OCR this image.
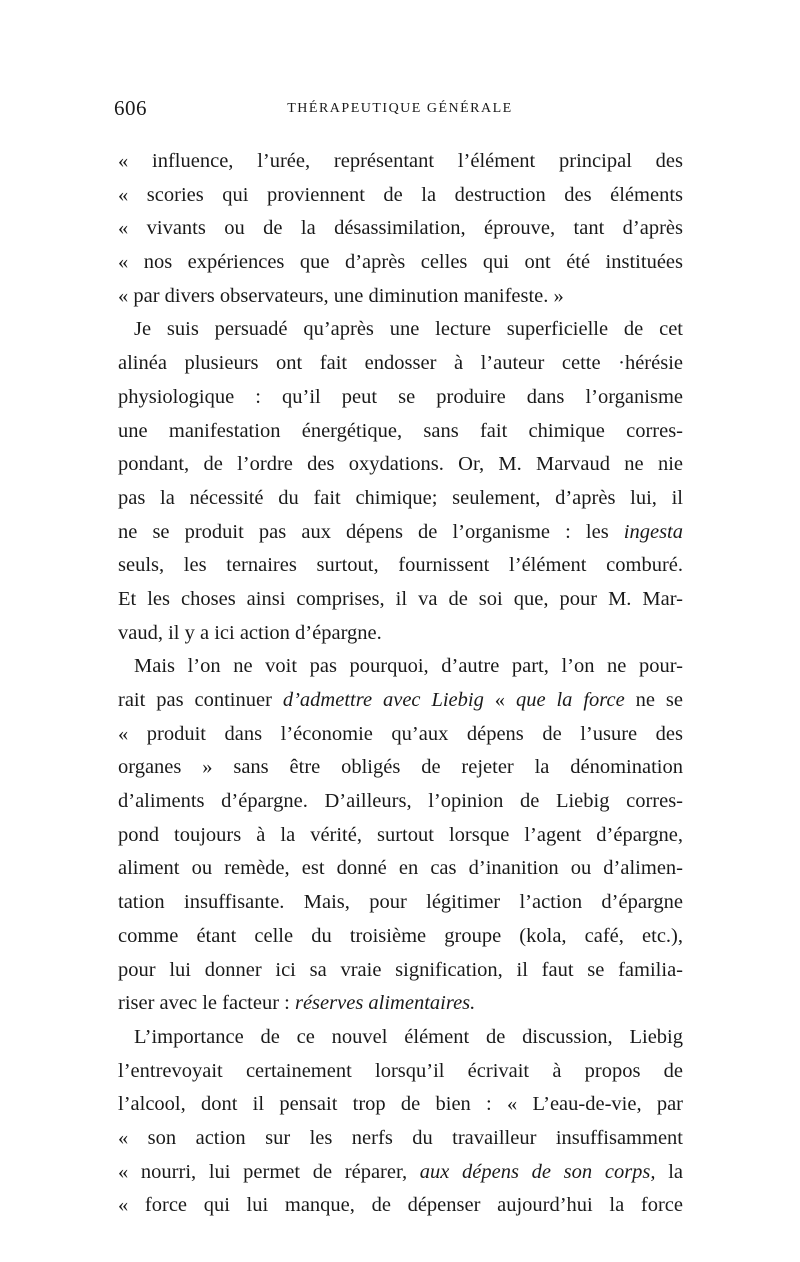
606	THÉRAPEUTIQUE GÉNÉRALE
« influence, l’urée, représentant l’élément principal des
« scories qui proviennent de la destruction des éléments
« vivants ou de la désassimilation, éprouve, tant d’après
« nos expériences que d’après celles qui ont été instituées
« par divers observateurs, une diminution manifeste. »
Je suis persuadé qu’après une lecture superficielle de cet
alinéa plusieurs ont fait endosser à l’auteur cette ·hérésie
physiologique : qu’il peut se produire dans l’organisme
une manifestation énergétique, sans fait chimique corres-
pondant, de l’ordre des oxydations. Or, M. Marvaud ne nie
pas la nécessité du fait chimique; seulement, d’après lui, il
ne se produit pas aux dépens de l’organisme : les ingesta
seuls, les ternaires surtout, fournissent l’élément comburé.
Et les choses ainsi comprises, il va de soi que, pour M. Mar-
vaud, il y a ici action d’épargne.
Mais l’on ne voit pas pourquoi, d’autre part, l’on ne pour-
rait pas continuer d’admettre avec Liebig « que la force ne se
« produit dans l’économie qu’aux dépens de l’usure des
organes » sans être obligés de rejeter la dénomination
d’aliments d’épargne. D’ailleurs, l’opinion de Liebig corres-
pond toujours à la vérité, surtout lorsque l’agent d’épargne,
aliment ou remède, est donné en cas d’inanition ou d’alimen-
tation insuffisante. Mais, pour légitimer l’action d’épargne
comme étant celle du troisième groupe (kola, café, etc.),
pour lui donner ici sa vraie signification, il faut se familia-
riser avec le facteur : réserves alimentaires.
L’importance de ce nouvel élément de discussion, Liebig
l’entrevoyait certainement lorsqu’il écrivait à propos de
l’alcool, dont il pensait trop de bien : « L’eau-de-vie, par
« son action sur les nerfs du travailleur insuffisamment
« nourri, lui permet de réparer, aux dépens de son corps, la
« force qui lui manque, de dépenser aujourd’hui la force
